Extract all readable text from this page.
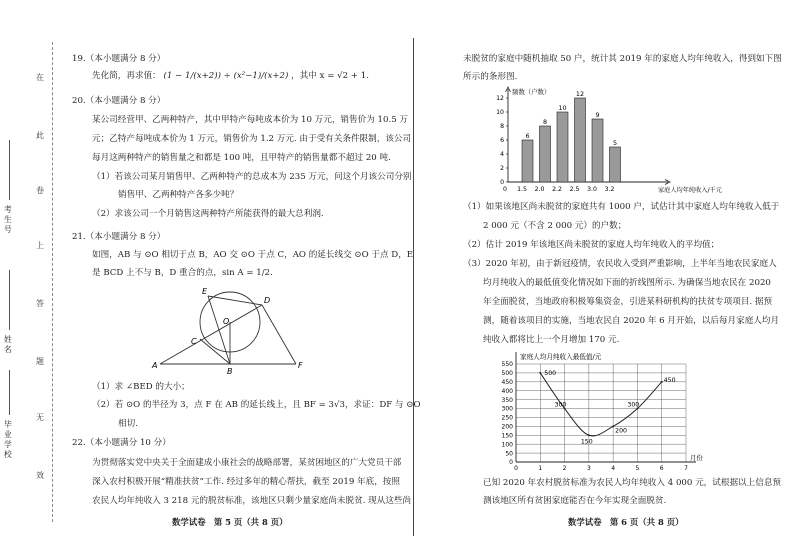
在
此
卷
上
答
题
无
效
考生号
姓名
毕业学校
19.（本小题满分 8 分）
先化简，再求值： (1 − 1/(x+2)) ÷ (x²−1)/(x+2) ，其中 x = √2 + 1.
20.（本小题满分 8 分）
某公司经营甲、乙两种特产，其中甲特产每吨成本价为 10 万元，销售价为 10.5 万
元；乙特产每吨成本价为 1 万元，销售价为 1.2 万元. 由于受有关条件限制，该公司
每月这两种特产的销售量之和都是 100 吨，且甲特产的销售量都不超过 20 吨.
（1）若该公司某月销售甲、乙两种特产的总成本为 235 万元，问这个月该公司分别
销售甲、乙两种特产各多少吨？
（2）求该公司一个月销售这两种特产所能获得的最大总利润.
21.（本小题满分 8 分）
如图，AB 与 ⊙O 相切于点 B，AO 交 ⊙O 于点 C，AO 的延长线交 ⊙O 于点 D，E
是 BCD 上不与 B，D 重合的点，sin A = 1/2.
E
D
O
C
A
B
F
（1）求 ∠BED 的大小；
（2）若 ⊙O 的半径为 3，点 F 在 AB 的延长线上，且 BF = 3√3，求证：DF 与 ⊙O
相切.
22.（本小题满分 10 分）
为贯彻落实党中央关于全面建成小康社会的战略部署，某贫困地区的广大党员干部
深入农村积极开展“精准扶贫”工作. 经过多年的精心帮扶，截至 2019 年底，按照
农民人均年纯收入 3 218 元的脱贫标准，该地区只剩少量家庭尚未脱贫. 现从这些尚
数学试卷　第 5 页（共 8 页）
未脱贫的家庭中随机抽取 50 户，统计其 2019 年的家庭人均年纯收入，得到如下图
所示的条形图.
频数（户数）
家庭人均年纯收入/千元
0
2
4
6
8
10
12
6
8
10
12
9
5
1.5 2.0 2.2 2.5 3.0 3.2
0
（1）如果该地区尚未脱贫的家庭共有 1000 户，试估计其中家庭人均年纯收入低于
2 000 元（不含 2 000 元）的户数；
（2）估计 2019 年该地区尚未脱贫的家庭人均年纯收入的平均值；
（3）2020 年初，由于新冠疫情，农民收入受到严重影响，上半年当地农民家庭人
均月纯收入的最低值变化情况如下面的折线图所示. 为确保当地农民在 2020
年全面脱贫，当地政府积极筹集资金，引进某科研机构的扶贫专项项目. 据预
测，随着该项目的实施，当地农民自 2020 年 6 月开始，以后每月家庭人均月
纯收入都将比上一个月增加 170 元.
0
50
100
150
200
250
300
350
400
450
500
550
家庭人均月纯收入最低值/元
月份
0	1	2	3	4	5	6	7
500
300
150
200
300
450
已知 2020 年农村脱贫标准为农民人均年纯收入 4 000 元，试根据以上信息预
测该地区所有贫困家庭能否在今年实现全面脱贫.
数学试卷　第 6 页（共 8 页）
